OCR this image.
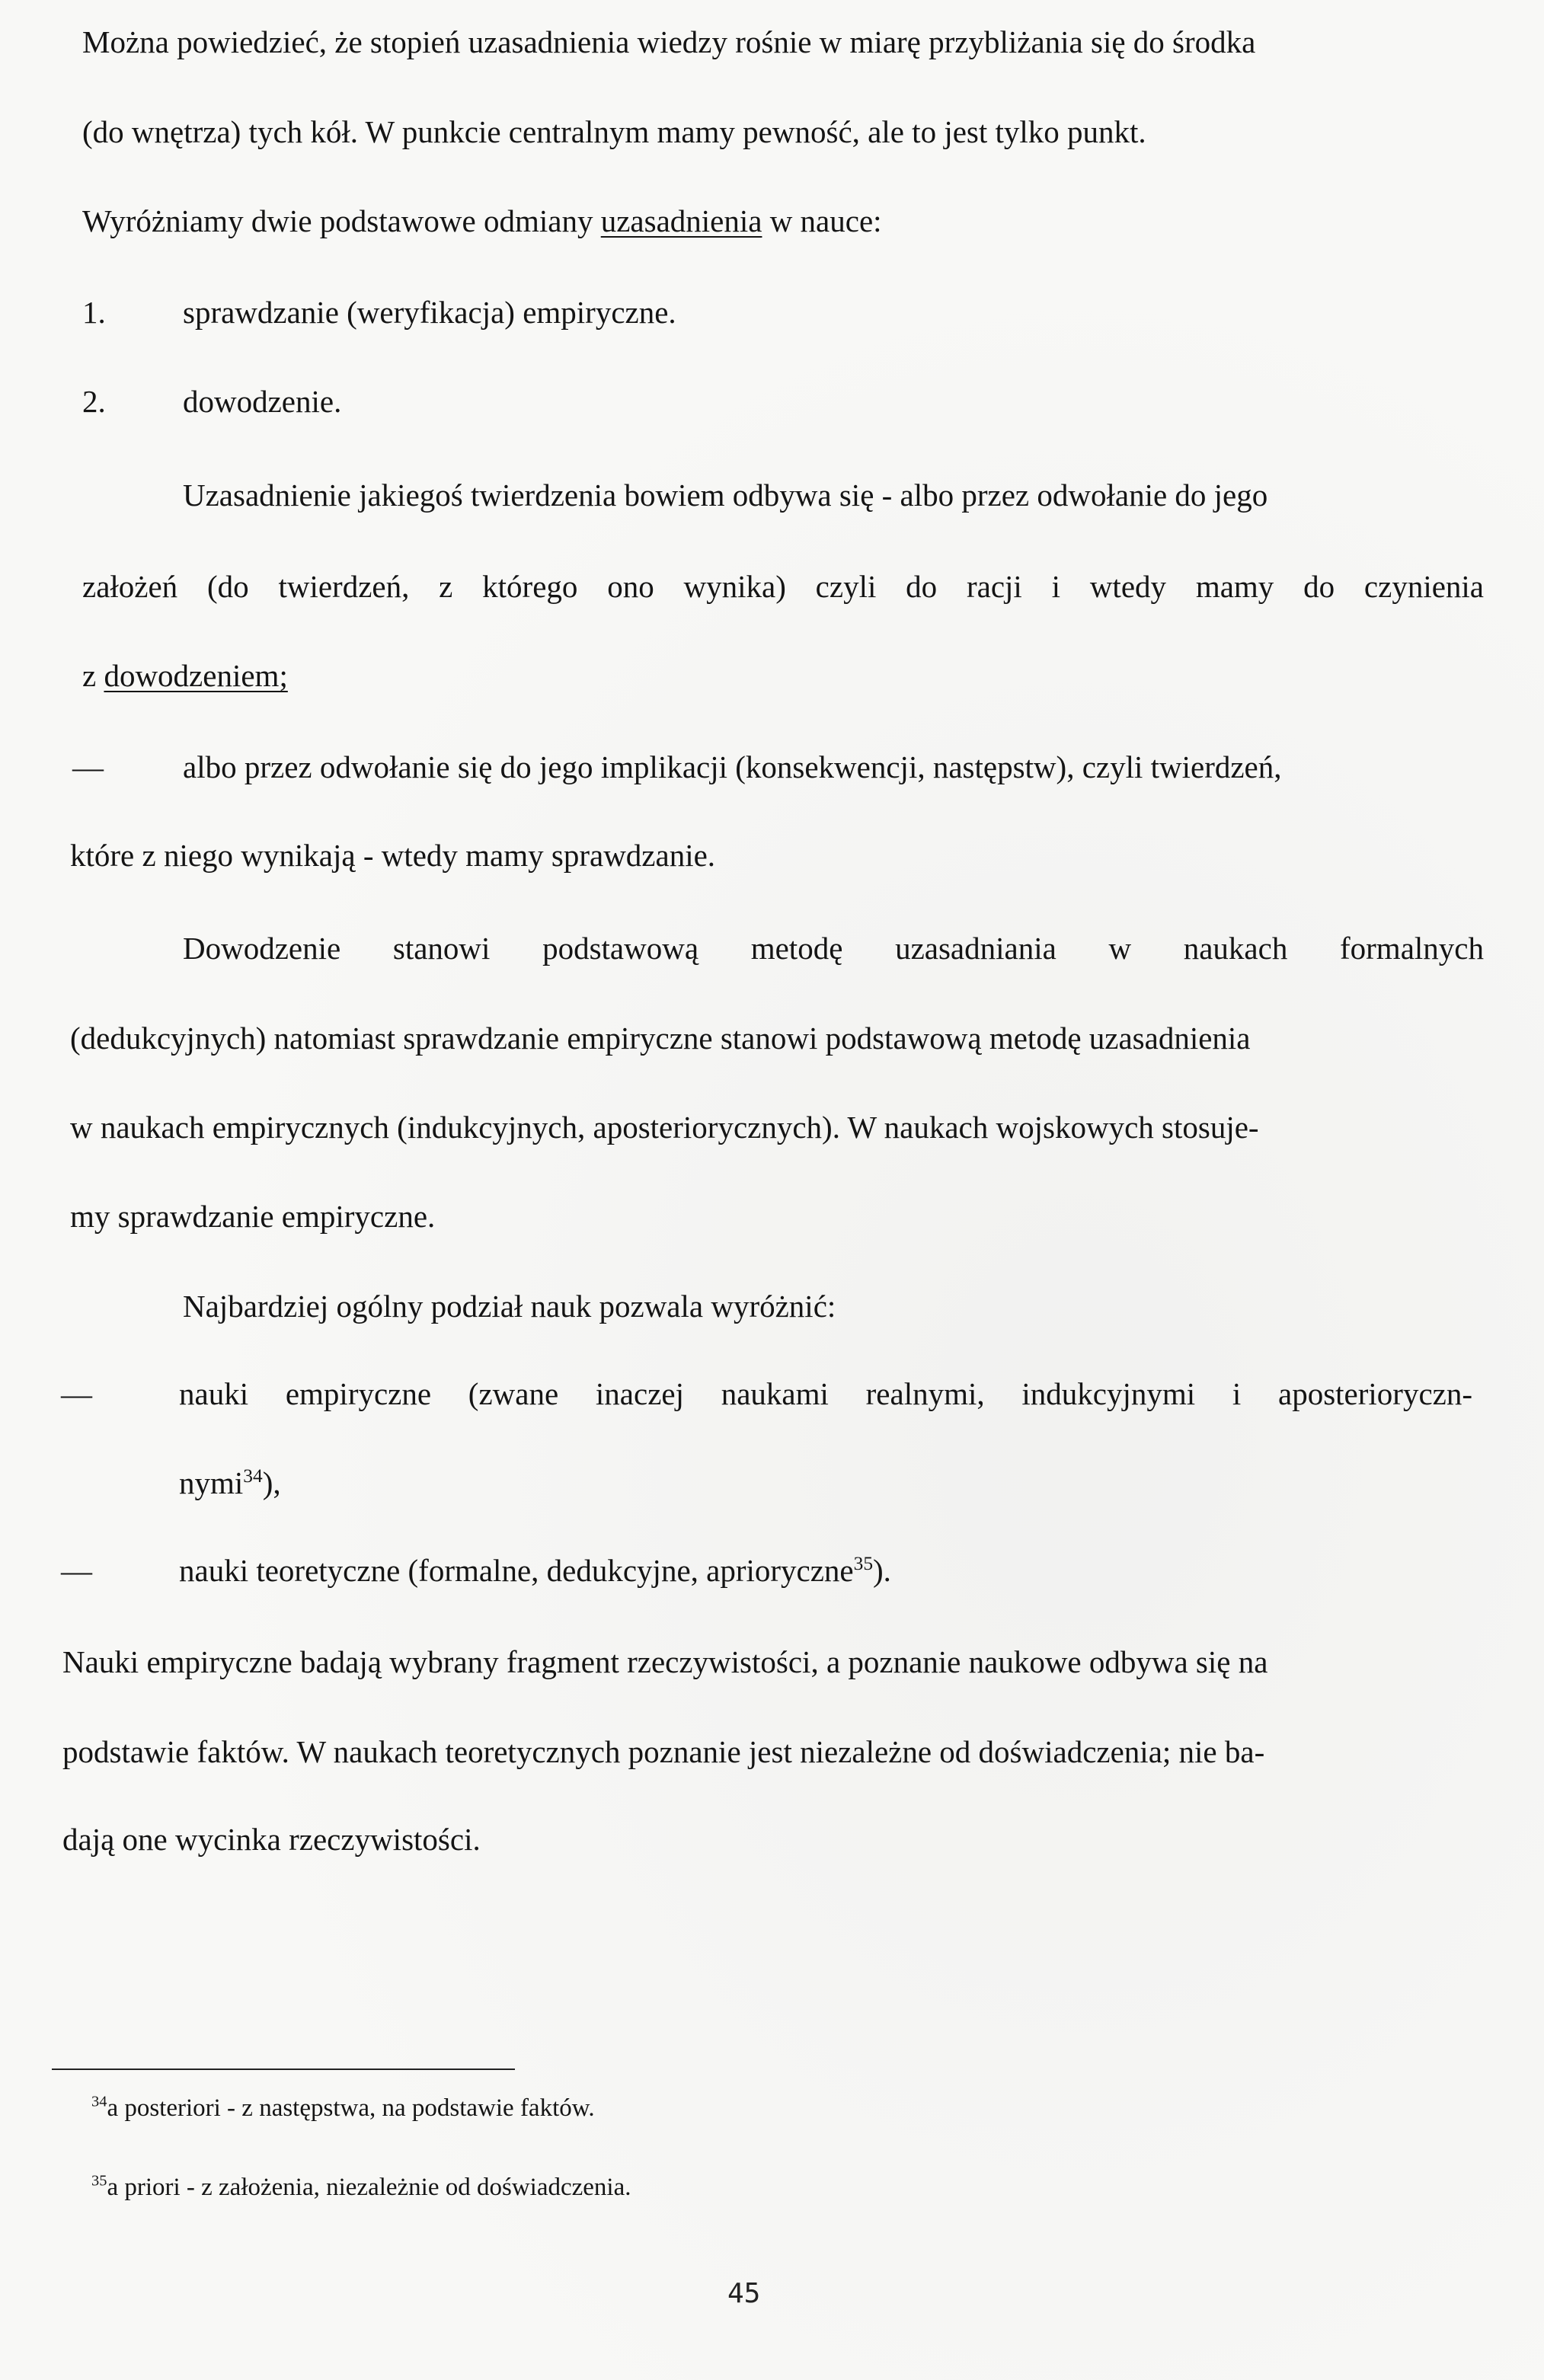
Można powiedzieć, że stopień uzasadnienia wiedzy rośnie w miarę przybliżania się do środka

(do wnętrza) tych kół. W punkcie centralnym mamy pewność, ale to jest tylko punkt.

Wyróżniamy dwie podstawowe odmiany uzasadnienia w nauce:

1. sprawdzanie (weryfikacja) empiryczne.

2. dowodzenie.

Uzasadnienie jakiegoś twierdzenia bowiem odbywa się - albo przez odwołanie do jego

założeń (do twierdzeń, z którego ono wynika) czyli do racji i wtedy mamy do czynienia

z dowodzeniem;

—	albo przez odwołanie się do jego implikacji (konsekwencji, następstw), czyli twierdzeń,

które z niego wynikają - wtedy mamy sprawdzanie.

Dowodzenie stanowi podstawową metodę uzasadniania w naukach formalnych

(dedukcyjnych) natomiast sprawdzanie empiryczne stanowi podstawową metodę uzasadnienia

w naukach empirycznych (indukcyjnych, aposteriorycznych). W naukach wojskowych stosuje-

my sprawdzanie empiryczne.

Najbardziej ogólny podział nauk pozwala wyróżnić:

—	nauki empiryczne (zwane inaczej naukami realnymi, indukcyjnymi i aposterioryczn-

nymi$^{34}$),

—	nauki teoretyczne (formalne, dedukcyjne, aprioryczne$^{35}$).

Nauki empiryczne badają wybrany fragment rzeczywistości, a poznanie naukowe odbywa się na

podstawie faktów. W naukach teoretycznych poznanie jest niezależne od doświadczenia; nie ba-

dają one wycinka rzeczywistości.

$^{34}$a posteriori - z następstwa, na podstawie faktów.

$^{35}$a priori - z założenia, niezależnie od doświadczenia.

45
